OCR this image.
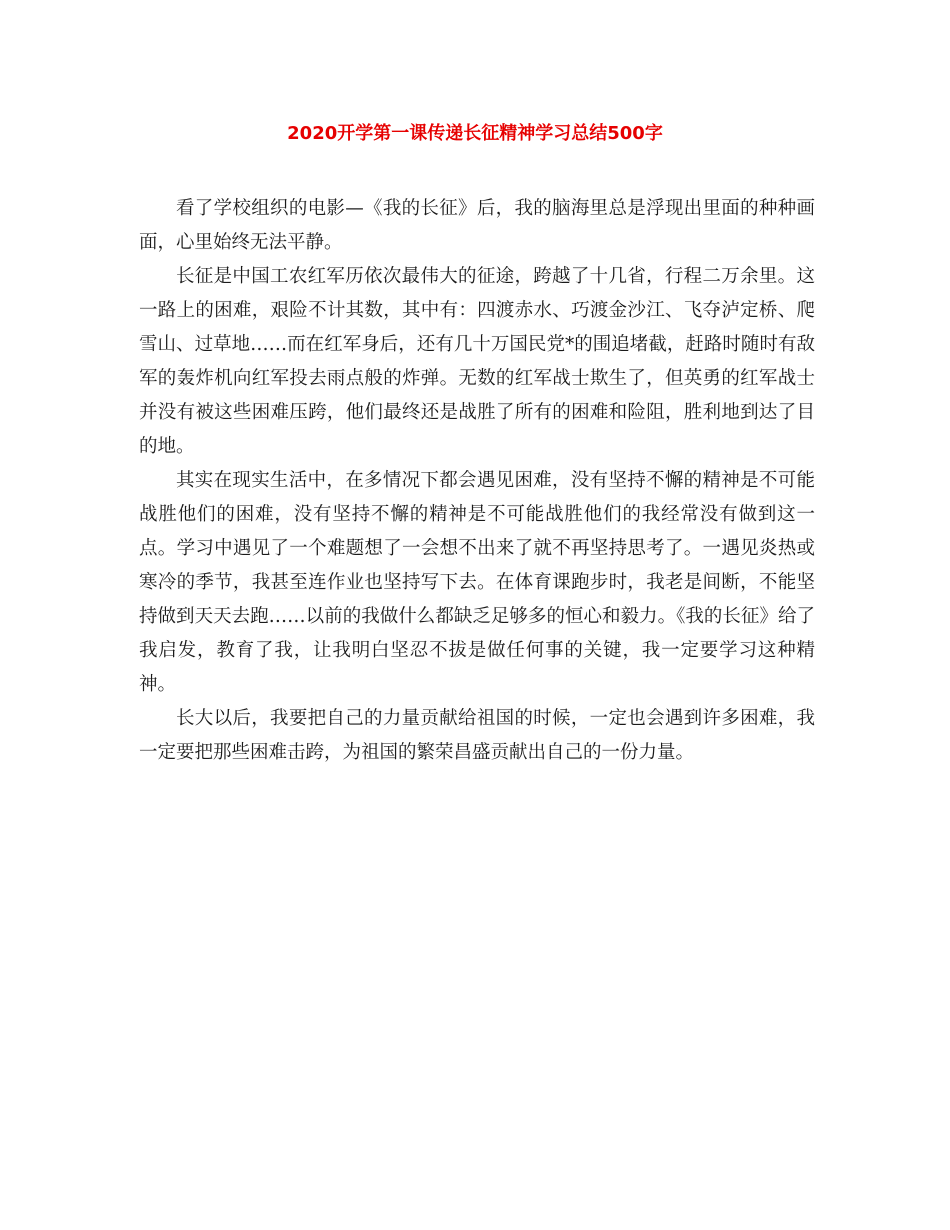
2020开学第一课传递长征精神学习总结500字

看了学校组织的电影—《我的长征》后，我的脑海里总是浮现出里面的种种画面，心里始终无法平静。

长征是中国工农红军历依次最伟大的征途，跨越了十几省，行程二万余里。这一路上的困难，艰险不计其数，其中有：四渡赤水、巧渡金沙江、飞夺泸定桥、爬雪山、过草地……而在红军身后，还有几十万国民党*的围追堵截，赶路时随时有敌军的轰炸机向红军投去雨点般的炸弹。无数的红军战士欺生了，但英勇的红军战士并没有被这些困难压跨，他们最终还是战胜了所有的困难和险阻，胜利地到达了目的地。

其实在现实生活中，在多情况下都会遇见困难，没有坚持不懈的精神是不可能战胜他们的困难，没有坚持不懈的精神是不可能战胜他们的我经常没有做到这一点。学习中遇见了一个难题想了一会想不出来了就不再坚持思考了。一遇见炎热或寒冷的季节，我甚至连作业也坚持写下去。在体育课跑步时，我老是间断，不能坚持做到天天去跑……以前的我做什么都缺乏足够多的恒心和毅力。《我的长征》给了我启发，教育了我，让我明白坚忍不拔是做任何事的关键，我一定要学习这种精神。

长大以后，我要把自己的力量贡献给祖国的时候，一定也会遇到许多困难，我一定要把那些困难击跨，为祖国的繁荣昌盛贡献出自己的一份力量。
